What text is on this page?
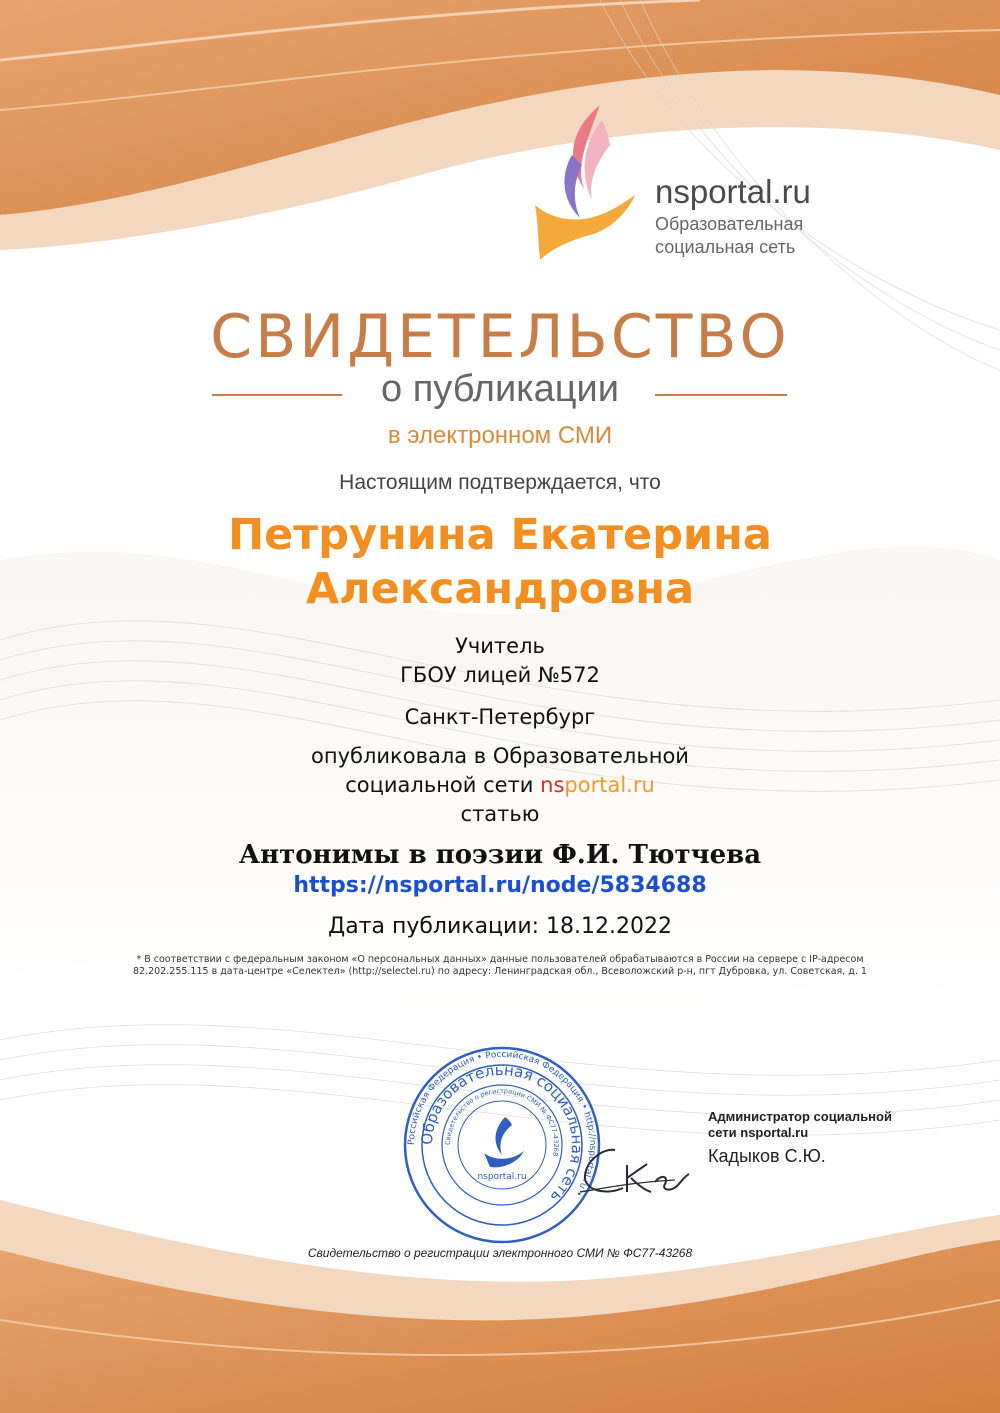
nsportal.ru
Образовательная
социальная сеть
СВИДЕТЕЛЬСТВО
о публикации
в электронном СМИ
Настоящим подтверждается, что
Петрунина Екатерина
Александровна
Учитель
ГБОУ лицей №572
Санкт-Петербург
опубликовала в Образовательной
социальной сети nsportal.ru
статью
Антонимы в поэзии Ф.И. Тютчева
https://nsportal.ru/node/5834688
Дата публикации: 18.12.2022
* В соответствии с федеральным законом «О персональных данных» данные пользователей обрабатываются в России на сервере с IP-адресом
82.202.255.115 в дата-центре «Селектел» (http://selectel.ru) по адресу: Ленинградская обл., Всеволожский р-н, пгт Дубровка, ул. Советская, д. 1
Российская Федерация • Российская Федерация • http://nsportal.ru •
Образовательная социальная сеть
Свидетельство о регистрации СМИ № ФС77-43268
nsportal.ru
Администратор социальной
сети nsportal.ru
Кадыков С.Ю.
Свидетельство о регистрации электронного СМИ № ФС77-43268
